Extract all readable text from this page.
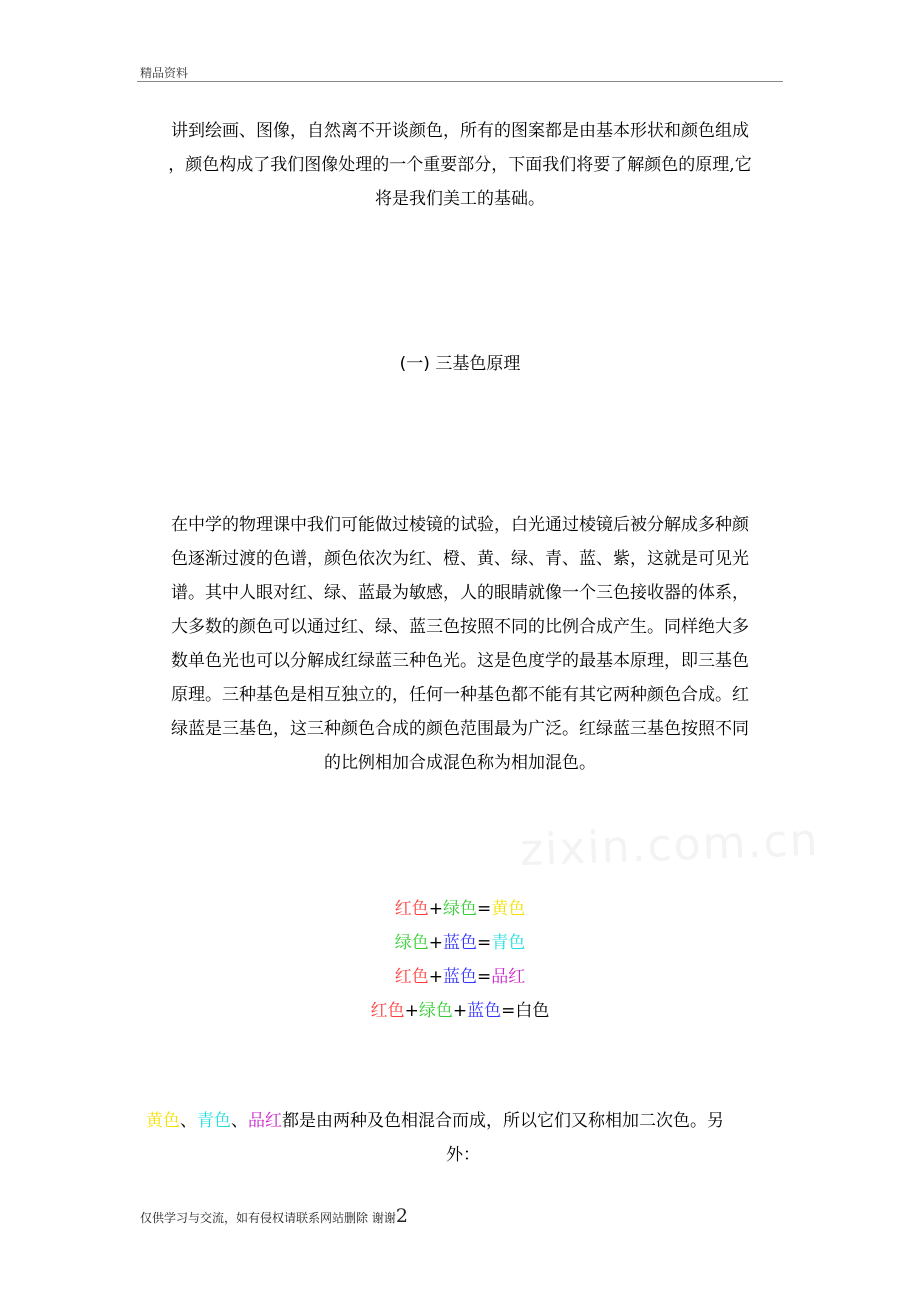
精品资料
zixin.com.cn
讲到绘画、图像，自然离不开谈颜色，所有的图案都是由基本形状和颜色组成
，颜色构成了我们图像处理的一个重要部分，下面我们将要了解颜色的原理,它
将是我们美工的基础。
(一) 三基色原理
在中学的物理课中我们可能做过棱镜的试验，白光通过棱镜后被分解成多种颜
色逐渐过渡的色谱，颜色依次为红、橙、黄、绿、青、蓝、紫，这就是可见光
谱。其中人眼对红、绿、蓝最为敏感，人的眼睛就像一个三色接收器的体系，
大多数的颜色可以通过红、绿、蓝三色按照不同的比例合成产生。同样绝大多
数单色光也可以分解成红绿蓝三种色光。这是色度学的最基本原理，即三基色
原理。三种基色是相互独立的，任何一种基色都不能有其它两种颜色合成。红
绿蓝是三基色，这三种颜色合成的颜色范围最为广泛。红绿蓝三基色按照不同
的比例相加合成混色称为相加混色。
红色+绿色=黄色
绿色+蓝色=青色
红色+蓝色=品红
红色+绿色+蓝色=白色
黄色、青色、品红都是由两种及色相混合而成，所以它们又称相加二次色。另
外：
仅供学习与交流，如有侵权请联系网站删除 谢谢2
